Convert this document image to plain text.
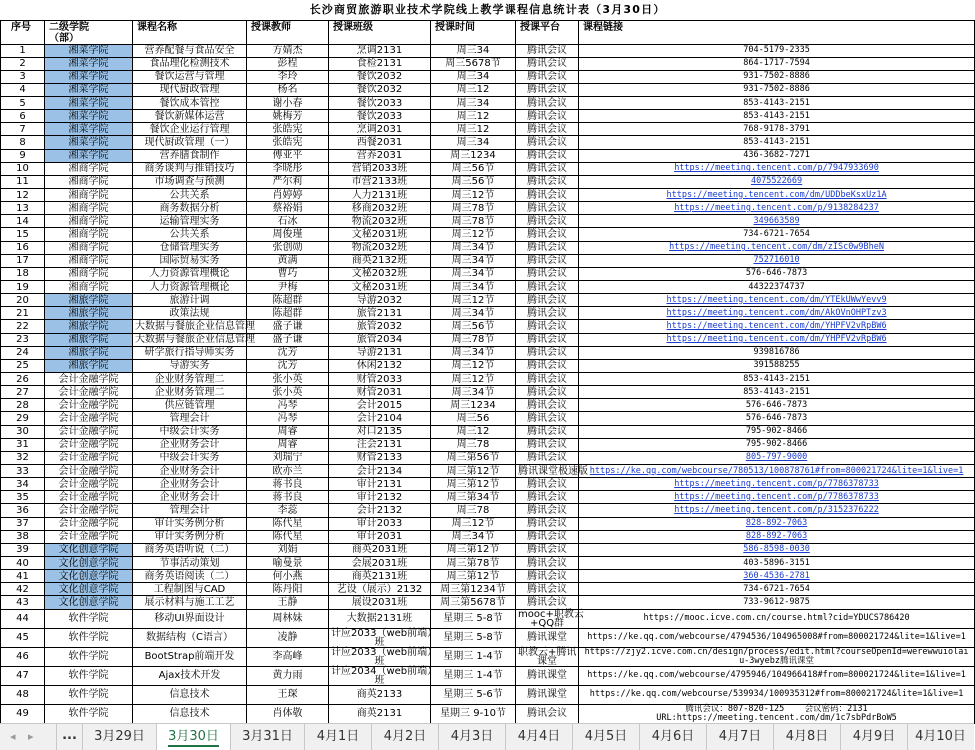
长沙商贸旅游职业技术学院线上教学课程信息统计表（3月30日）							
序号	二级学院（部）	课程名称	授课教师	授课班级	授课时间	授课平台	课程链接
1	湘菜学院	营养配餐与食品安全	方婧杰	烹调2131	周三34	腾讯会议	704-5179-2335
2	湘菜学院	食品理化检测技术	彭程	食检2131	周三5678节	腾讯会议	864-1717-7594
3	湘菜学院	餐饮运营与管理	李玲	餐饮2032	周三34	腾讯会议	931-7502-8886
4	湘菜学院	现代厨政管理	杨名	餐饮2032	周三12	腾讯会议	931-7502-8886
5	湘菜学院	餐饮成本管控	谢小春	餐饮2033	周三34	腾讯会议	853-4143-2151
6	湘菜学院	餐饮新媒体运营	姚梅芳	餐饮2033	周三12	腾讯会议	853-4143-2151
7	湘菜学院	餐饮企业运行管理	张皓宪	烹调2031	周三12	腾讯会议	768-9178-3791
8	湘菜学院	现代厨政管理（一）	张皓宪	西餐2031	周三34	腾讯会议	853-4143-2151
9	湘菜学院	营养膳食制作	傅亚平	营养2031	周三1234	腾讯会议	436-3682-7271
10	湘商学院	商务谈判与推销技巧	李晓彤	营销2033班	周三56节	腾讯会议	https://meeting.tencent.com/p/7947933690
11	湘商学院	市场调查与预测	严尔莉	市营2133班	周三56节	腾讯会议	4075522669
12	湘商学院	公共关系	肖婷婷	人力2131班	周三12节	腾讯会议	https://meeting.tencent.com/dm/UDDbeKsxUz1A
13	湘商学院	商务数据分析	蔡裕娟	移商2032班	周三78节	腾讯会议	https://meeting.tencent.com/p/9138284237
14	湘商学院	运输管理实务	石冰	物流2032班	周三78节	腾讯会议	349663589
15	湘商学院	公共关系	周俊瑾	文秘2031班	周三12节	腾讯会议	734-6721-7654
16	湘商学院	仓储管理实务	张创勋	物流2032班	周三34节	腾讯会议	https://meeting.tencent.com/dm/zISc0w9BheN
17	湘商学院	国际贸易实务	黄满	商英2132班	周三34节	腾讯会议	752716010
18	湘商学院	人力资源管理概论	曹巧	文秘2032班	周三34节	腾讯会议	576-646-7873
19	湘商学院	人力资源管理概论	尹梅	文秘2031班	周三34节	腾讯会议	44322374737
20	湘旅学院	旅游计调	陈超群	导游2032	周三12节	腾讯会议	https://meeting.tencent.com/dm/YTEkUWwYevv9
21	湘旅学院	政策法规	陈超群	旅管2131	周三34节	腾讯会议	https://meeting.tencent.com/dm/AkOVnOHPTzv3
22	湘旅学院	大数据与餐旅企业信息管理	盛子谦	旅管2032	周三56节	腾讯会议	https://meeting.tencent.com/dm/YHPFV2vRpBW6
23	湘旅学院	大数据与餐旅企业信息管理	盛子谦	旅管2034	周三78节	腾讯会议	https://meeting.tencent.com/dm/YHPFV2vRpBW6
24	湘旅学院	研学旅行指导师实务	沈芳	导游2131	周三34节	腾讯会议	939816786
25	湘旅学院	导游实务	沈芳	休闲2132	周三12节	腾讯会议	391588255
26	会计金融学院	企业财务管理二	张小英	财管2033	周三12节	腾讯会议	853-4143-2151
27	会计金融学院	企业财务管理二	张小英	财管2031	周三34节	腾讯会议	853-4143-2151
28	会计金融学院	供应链管理	冯琴	会计2015	周三1234	腾讯会议	576-646-7873
29	会计金融学院	管理会计	冯琴	会计2104	周三56	腾讯会议	576-646-7873
30	会计金融学院	中级会计实务	周睿	对口2135	周三12	腾讯会议	795-902-8466
31	会计金融学院	企业财务会计	周睿	注会2131	周三78	腾讯会议	795-902-8466
32	会计金融学院	中级会计实务	刘瑞宁	财管2133	周三第56节	腾讯会议	805-797-9000
33	会计金融学院	企业财务会计	欧亦兰	会计2134	周三第12节	腾讯课堂极速版	https://ke.qq.com/webcourse/780513/100878761#from=800021724&lite=1&live=1
34	会计金融学院	企业财务会计	蒋书良	审计2131	周三第12节	腾讯会议	https://meeting.tencent.com/p/7786378733
35	会计金融学院	企业财务会计	蒋书良	审计2132	周三第34节	腾讯会议	https://meeting.tencent.com/p/7786378733
36	会计金融学院	管理会计	李蕊	会计2132	周三78	腾讯会议	https://meeting.tencent.com/p/3152376222
37	会计金融学院	审计实务例分析	陈代星	审计2033	周三12节	腾讯会议	828-892-7063
38	会计金融学院	审计实务例分析	陈代星	审计2031	周三34节	腾讯会议	828-892-7063
39	文化创意学院	商务英语听说（二）	刘娟	商英2031班	周三第12节	腾讯会议	586-8598-0030
40	文化创意学院	节事活动策划	喻曼景	会展2031班	周三第78节	腾讯会议	403-5896-3151
41	文化创意学院	商务英语阅读（二）	何小燕	商英2131班	周三第12节	腾讯会议	360-4536-2781
42	文化创意学院	工程制图与CAD	陈丹阳	艺设（展示）2132	周三第1234节	腾讯会议	734-6721-7654
43	文化创意学院	展示材料与施工工艺	王静	展设2031班	周三第5678节	腾讯会议	733-9612-9875
44	软件学院	移动UI界面设计	周林妹	大数据2131班	星期三 5-8节	mooc+职教云
+QQ群	https://mooc.icve.com.cn/course.html?cid=YDUCS786420
45	软件学院	数据结构（C语言）	凌静	计应2033（web前端）
班	星期三 5-8节	腾讯课堂	https://ke.qq.com/webcourse/4794536/104965008#from=800021724&lite=1&live=1
46	软件学院	BootStrap前端开发	李高峰	计应2033（web前端）
班	星期三 1-4节	职教云+腾讯
课堂	https://zjy2.icve.com.cn/design/process/edit.html?courseOpenId=werewwuiolai
u-3wyebz腾讯课堂
47	软件学院	Ajax技术开发	黄力雨	计应2034（web前端）
班	星期三 1-4节	腾讯课堂	https://ke.qq.com/webcourse/4795946/104966418#from=800021724&lite=1&live=1
48	软件学院	信息技术	王琛	商英2133	星期三 5-6节	腾讯课堂	https://ke.qq.com/webcourse/539934/100935312#from=800021724&lite=1&live=1
49	软件学院	信息技术	肖体敬	商英2131	星期三 9-10节	腾讯会议	腾讯会议：807-820-125    会议密码：2131
URL:https://meeting.tencent.com/dm/1c7sbPdrBoW5
◂ ▸	...	3月29日	3月30日	3月31日	4月1日	4月2日	4月3日	4月4日	4月5日	4月6日	4月7日	4月8日	4月9日	4月10日
